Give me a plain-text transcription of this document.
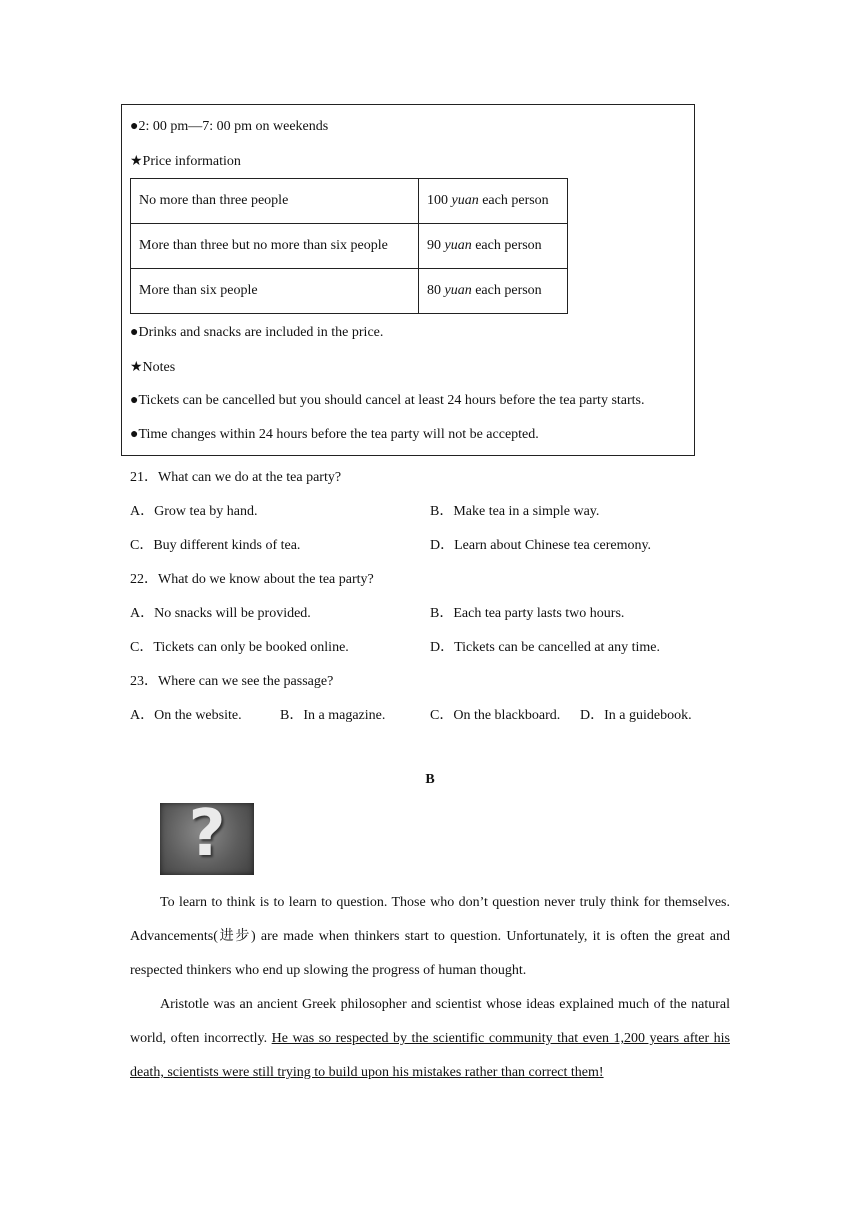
●2: 00 pm—7: 00 pm on weekends
★Price information
No more than three people	100 yuan each person
More than three but no more than six people	90 yuan each person
More than six people	80 yuan each person
●Drinks and snacks are included in the price.
★Notes
●Tickets can be cancelled but you should cancel at least 24 hours before the tea party starts.
●Time changes within 24 hours before the tea party will not be accepted.
21．What can we do at the tea party?
A．Grow tea by hand.	B．Make tea in a simple way.
C．Buy different kinds of tea.	D．Learn about Chinese tea ceremony.
22．What do we know about the tea party?
A．No snacks will be provided.	B．Each tea party lasts two hours.
C．Tickets can only be booked online.	D．Tickets can be cancelled at any time.
23．Where can we see the passage?
A．On the website.	B．In a magazine.	C．On the blackboard. D．In a guidebook.
B
?
To learn to think is to learn to question. Those who don’t question never truly think for themselves. Advancements(进步) are made when thinkers start to question. Unfortunately, it is often the great and respected thinkers who end up slowing the progress of human thought.
Aristotle was an ancient Greek philosopher and scientist whose ideas explained much of the natural world, often incorrectly. He was so respected by the scientific community that even 1,200 years after his death, scientists were still trying to build upon his mistakes rather than correct them!
